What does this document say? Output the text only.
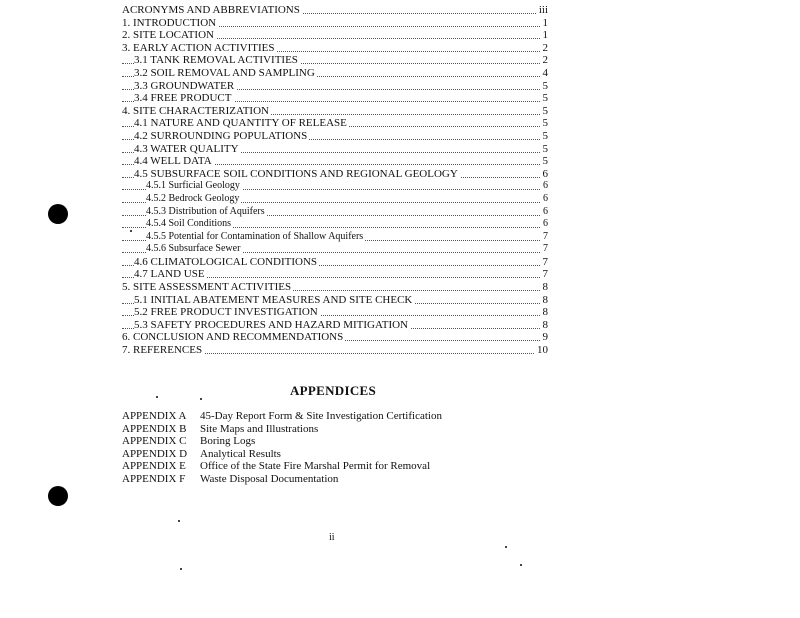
ACRONYMS AND ABBREVIATIONS	iii
1. INTRODUCTION	1
2. SITE LOCATION	1
3. EARLY ACTION ACTIVITIES	2
3.1 TANK REMOVAL ACTIVITIES	2
3.2 SOIL REMOVAL AND SAMPLING	4
3.3 GROUNDWATER	5
3.4 FREE PRODUCT	5
4. SITE CHARACTERIZATION	5
4.1 NATURE AND QUANTITY OF RELEASE	5
4.2 SURROUNDING POPULATIONS	5
4.3 WATER QUALITY	5
4.4 WELL DATA	5
4.5 SUBSURFACE SOIL CONDITIONS AND REGIONAL GEOLOGY	6
4.5.1 Surficial Geology	6
4.5.2 Bedrock Geology	6
4.5.3 Distribution of Aquifers	6
4.5.4 Soil Conditions	6
4.5.5 Potential for Contamination of Shallow Aquifers	7
4.5.6 Subsurface Sewer	7
4.6 CLIMATOLOGICAL CONDITIONS	7
4.7 LAND USE	7
5. SITE ASSESSMENT ACTIVITIES	8
5.1 INITIAL ABATEMENT MEASURES AND SITE CHECK	8
5.2 FREE PRODUCT INVESTIGATION	8
5.3 SAFETY PROCEDURES AND HAZARD MITIGATION	8
6. CONCLUSION AND RECOMMENDATIONS	9
7. REFERENCES	10
APPENDICES
APPENDIX A 45-Day Report Form & Site Investigation Certification
APPENDIX B Site Maps and Illustrations
APPENDIX C Boring Logs
APPENDIX D Analytical Results
APPENDIX E Office of the State Fire Marshal Permit for Removal
APPENDIX F Waste Disposal Documentation
ii
